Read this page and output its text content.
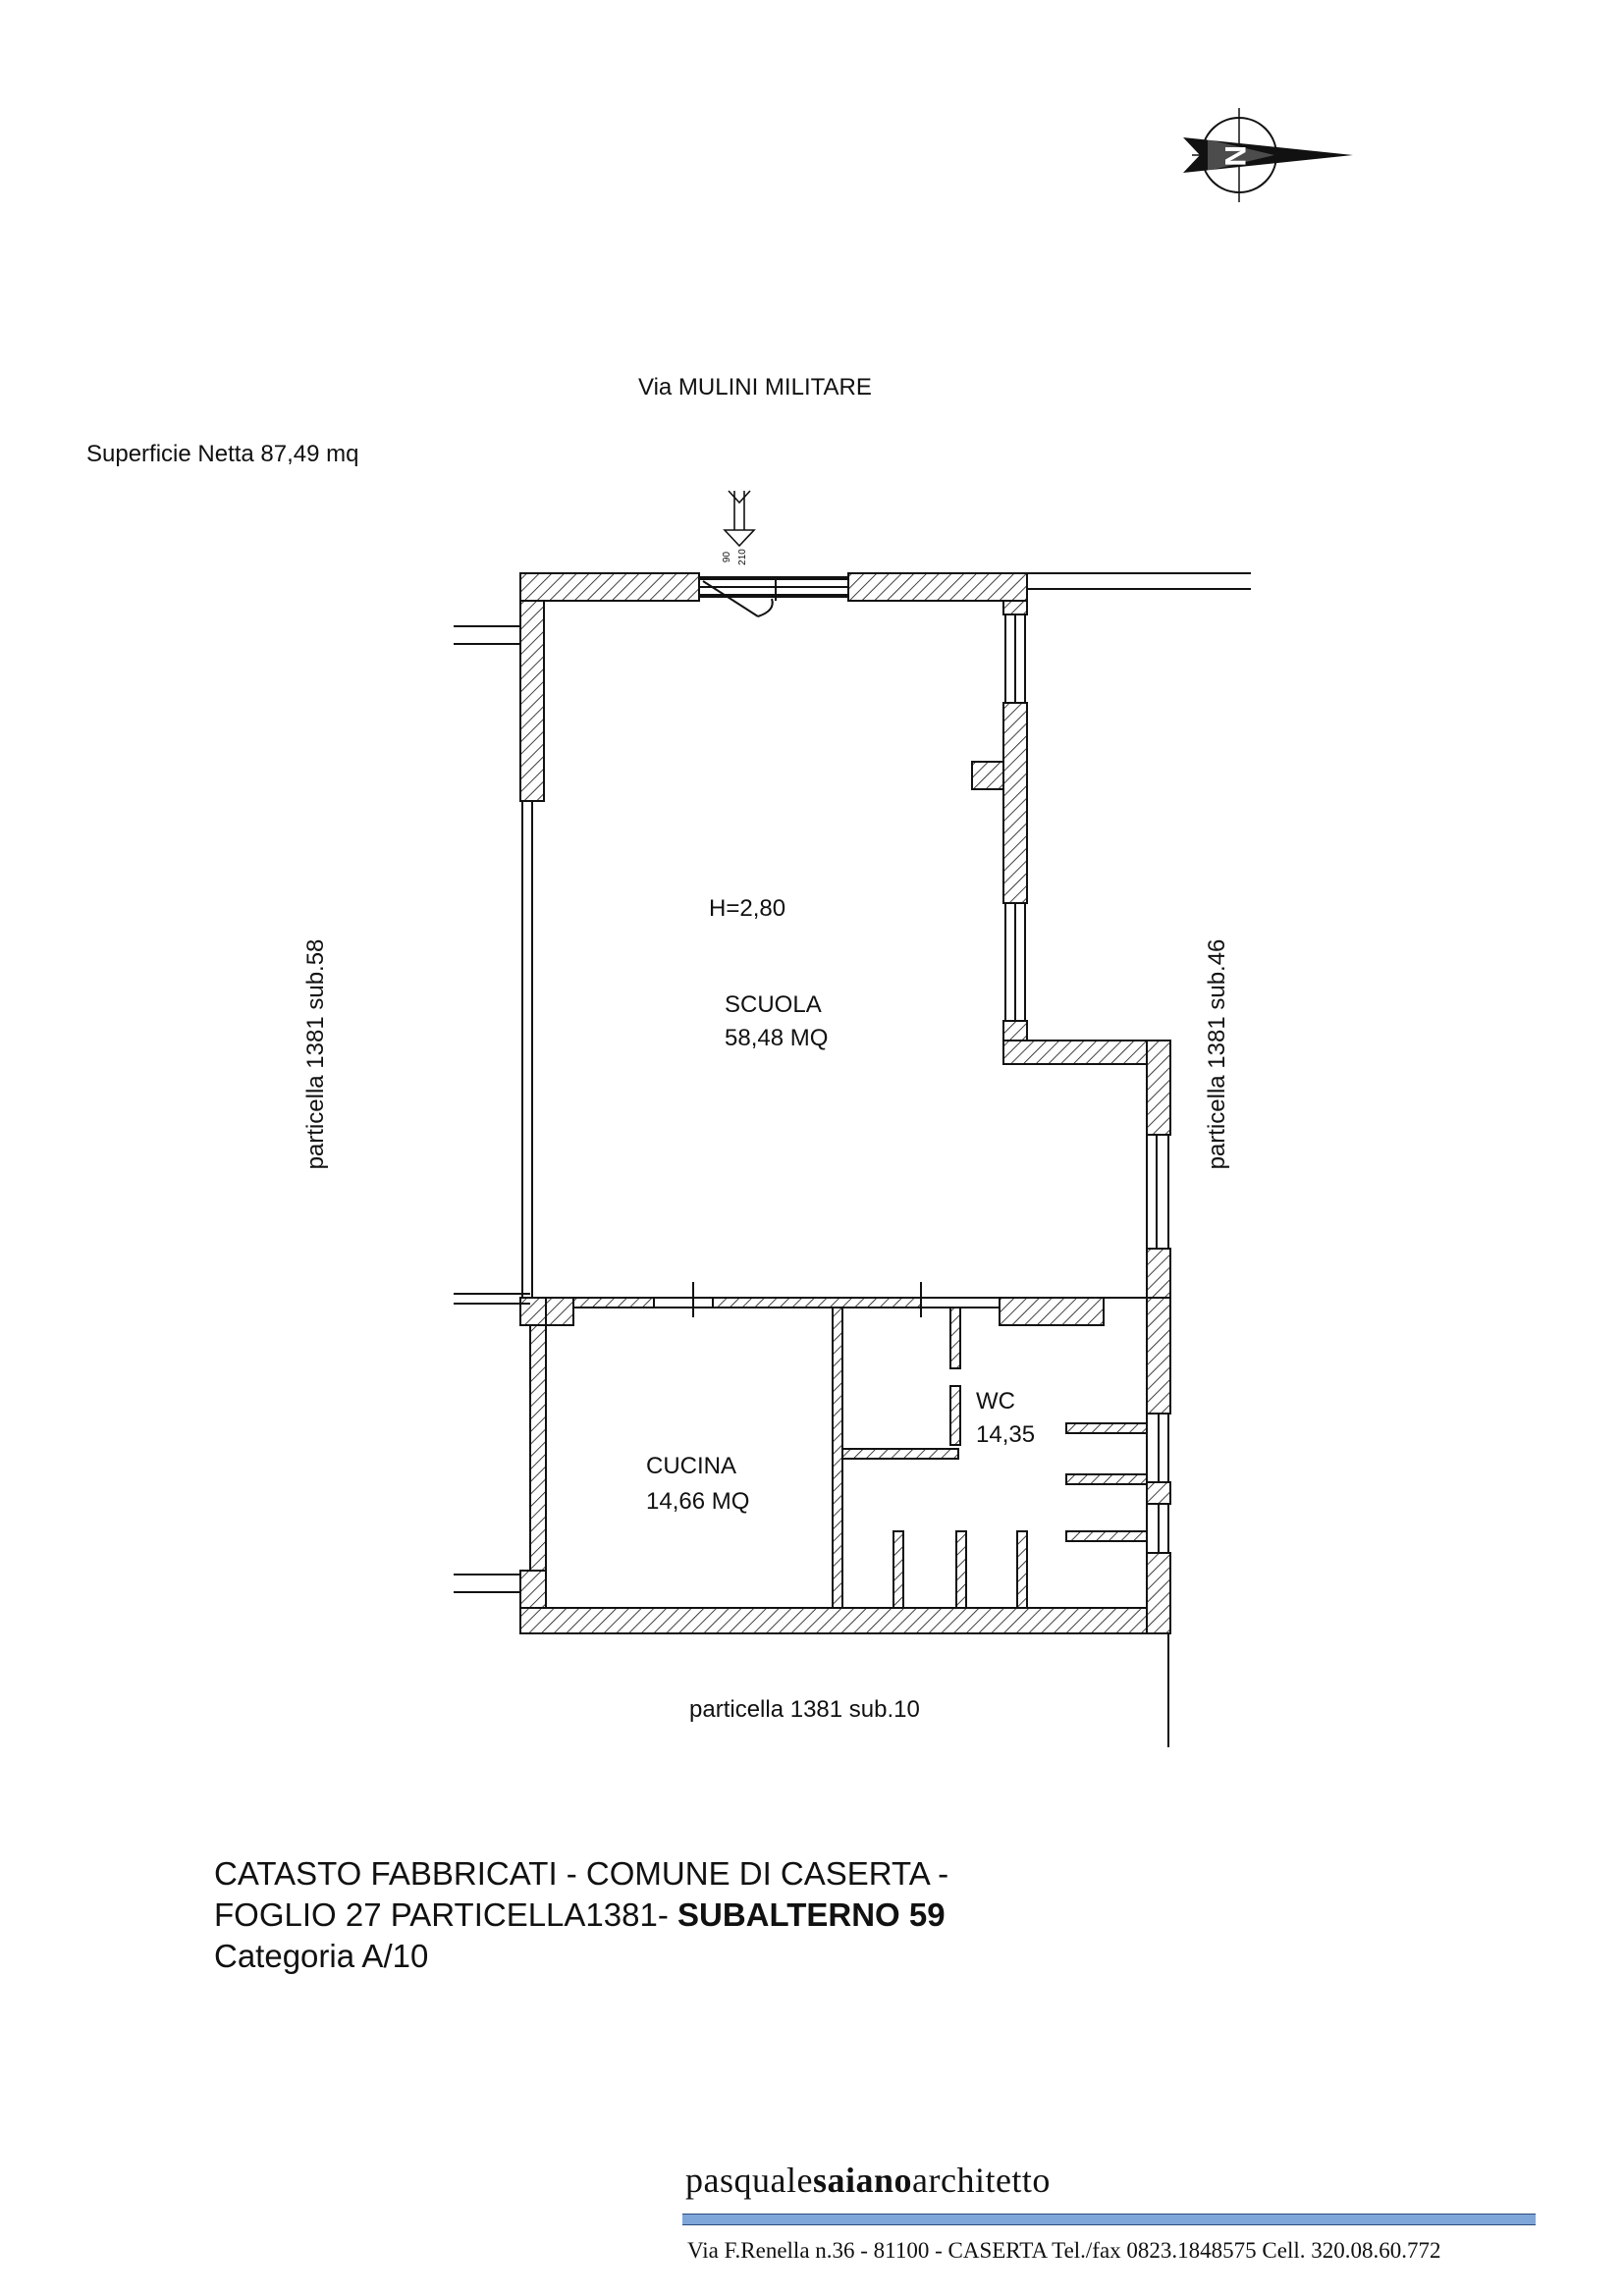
N
Via MULINI MILITARE
Superficie Netta 87,49 mq
90 210
H=2,80
SCUOLA
58,48 MQ
CUCINA
14,66 MQ
WC
14,35
particella 1381 sub.58	particella 1381 sub.46
particella 1381 sub.10
CATASTO FABBRICATI - COMUNE DI CASERTA -
FOGLIO 27 PARTICELLA1381- SUBALTERNO 59
Categoria A/10
pasqualesaianoarchitetto
Via F.Renella n.36 - 81100 - CASERTA Tel./fax 0823.1848575 Cell. 320.08.60.772
